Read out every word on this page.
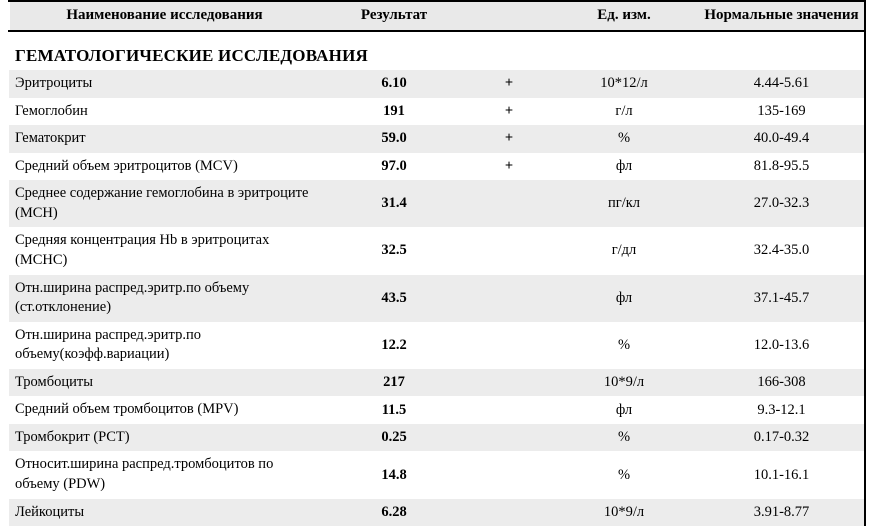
Наименование исследования	Результат		Ед. изм.	Нормальные значения
ГЕМАТОЛОГИЧЕСКИЕ ИССЛЕДОВАНИЯ				
Эритроциты	6.10	+	10*12/л	4.44-5.61
Гемоглобин	191	+	г/л	135-169
Гематокрит	59.0	+	%	40.0-49.4
Средний объем эритроцитов (MCV)	97.0	+	фл	81.8-95.5
Среднее содержание гемоглобина в эритроците (MCH)	31.4		пг/кл	27.0-32.3
Средняя концентрация Hb в эритроцитах (MCHC)	32.5		г/дл	32.4-35.0
Отн.ширина распред.эритр.по объему (ст.отклонение)	43.5		фл	37.1-45.7
Отн.ширина распред.эритр.по объему(коэфф.вариации)	12.2		%	12.0-13.6
Тромбоциты	217		10*9/л	166-308
Средний объем тромбоцитов (MPV)	11.5		фл	9.3-12.1
Тромбокрит (PCT)	0.25		%	0.17-0.32
Относит.ширина распред.тромбоцитов по объему (PDW)	14.8		%	10.1-16.1
Лейкоциты	6.28		10*9/л	3.91-8.77
